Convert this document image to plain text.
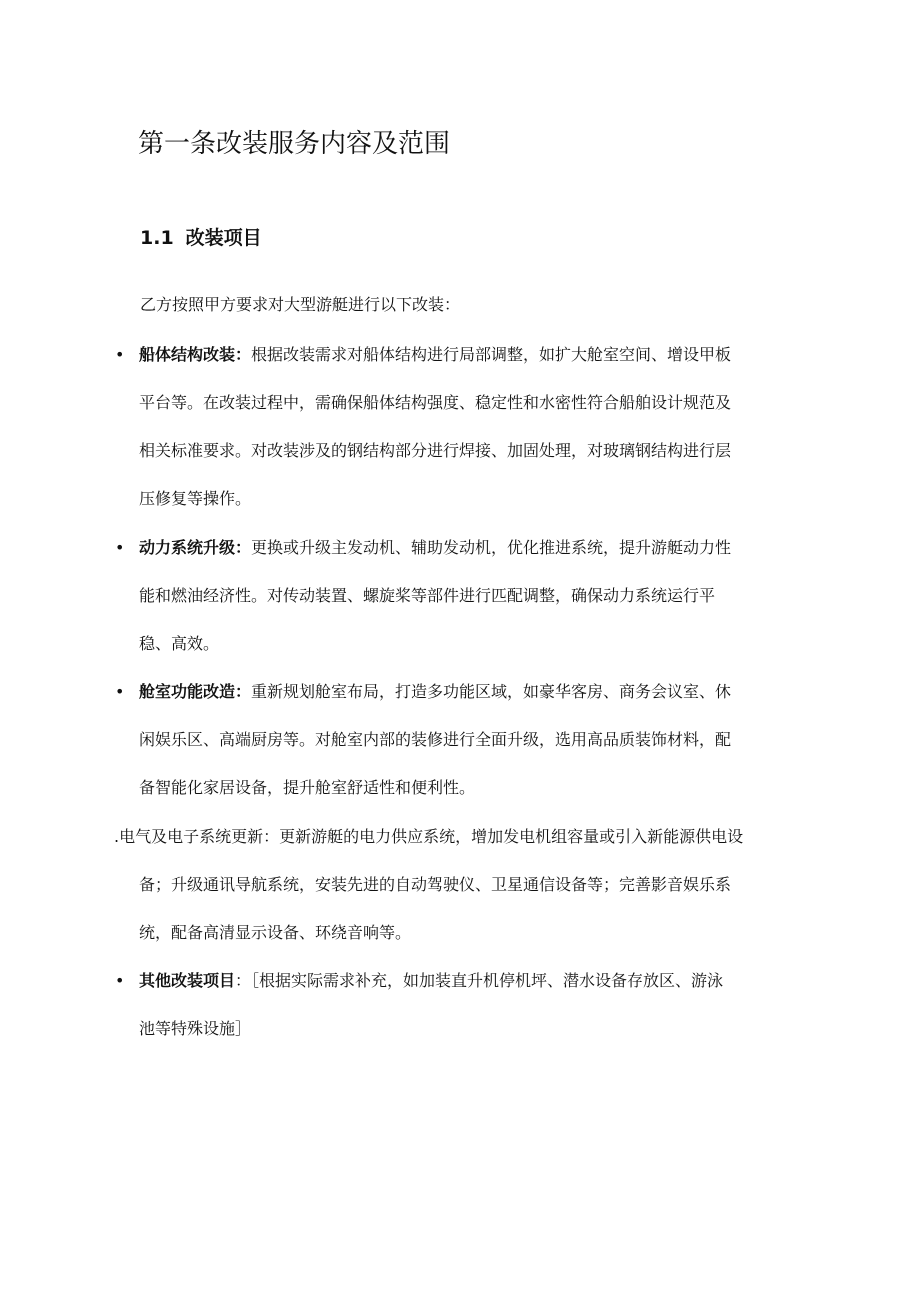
第一条改装服务内容及范围
1.1 改装项目

乙方按照甲方要求对大型游艇进行以下改装：

• 船体结构改装：根据改装需求对船体结构进行局部调整，如扩大舱室空间、增设甲板
平台等。在改装过程中，需确保船体结构强度、稳定性和水密性符合船舶设计规范及
相关标准要求。对改装涉及的钢结构部分进行焊接、加固处理，对玻璃钢结构进行层
压修复等操作。
• 动力系统升级：更换或升级主发动机、辅助发动机，优化推进系统，提升游艇动力性
能和燃油经济性。对传动装置、螺旋桨等部件进行匹配调整，确保动力系统运行平
稳、高效。
• 舱室功能改造：重新规划舱室布局，打造多功能区域，如豪华客房、商务会议室、休
闲娱乐区、高端厨房等。对舱室内部的装修进行全面升级，选用高品质装饰材料，配
备智能化家居设备，提升舱室舒适性和便利性。
.电气及电子系统更新：更新游艇的电力供应系统，增加发电机组容量或引入新能源供电设
备；升级通讯导航系统，安装先进的自动驾驶仪、卫星通信设备等；完善影音娱乐系
统，配备高清显示设备、环绕音响等。
• 其他改装项目：［根据实际需求补充，如加装直升机停机坪、潜水设备存放区、游泳
池等特殊设施］
